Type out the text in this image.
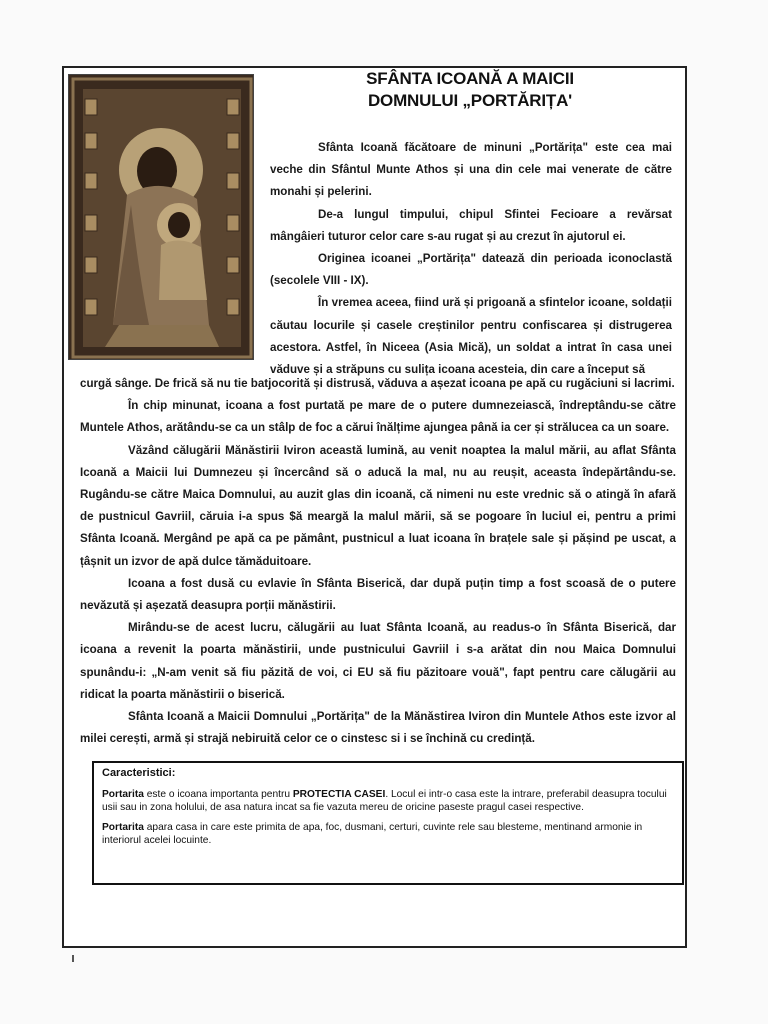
SFÂNTA ICOANĂ A MAICII
DOMNULUI „PORTĂRIȚA'

Sfânta Icoană făcătoare de minuni „Portărița" este cea mai veche din Sfântul Munte Athos și una din cele mai venerate de către monahi și pelerini.

De-a lungul timpului, chipul Sfintei Fecioare a revărsat mângâieri tuturor celor care s-au rugat și au crezut în ajutorul ei.

Originea icoanei „Portărița" datează din perioada iconoclastă (secolele VIII - IX).

În vremea aceea, fiind ură și prigoană a sfintelor icoane, soldații căutau locurile și casele creștinilor pentru confiscarea și distrugerea acestora. Astfel, în Niceea (Asia Mică), un soldat a intrat în casa unei văduve și a străpuns cu sulița icoana acesteia, din care a început să

curgă sânge. De frică să nu tie batjocorită și distrusă, văduva a așezat icoana pe apă cu rugăciuni si lacrimi.

În chip minunat, icoana a fost purtată pe mare de o putere dumnezeiască, îndreptându-se către Muntele Athos, arătându-se ca un stâlp de foc a cărui înălțime ajungea până ia cer și strălucea ca un soare.

Văzând călugării Mănăstirii Iviron această lumină, au venit noaptea la malul mării, au aflat Sfânta Icoană a Maicii lui Dumnezeu și încercând să o aducă la mal, nu au reușit, aceasta îndepărtându-se. Rugându-se către Maica Domnului, au auzit glas din icoană, că nimeni nu este vrednic să o atingă în afară de pustnicul Gavriil, căruia i-a spus $ă meargă la malul mării, să se pogoare în luciul ei, pentru a primi Sfânta Icoană. Mergând pe apă ca pe pământ, pustnicul a luat icoana în brațele sale și pășind pe uscat, a țâșnit un izvor de apă dulce tămăduitoare.

Icoana a fost dusă cu evlavie în Sfânta Biserică, dar după puțin timp a fost scoasă de o putere nevăzută și așezată deasupra porții mănăstirii.

Mirându-se de acest lucru, călugării au luat Sfânta Icoană, au readus-o în Sfânta Biserică, dar icoana a revenit la poarta mănăstirii, unde pustnicului Gavriil i s-a arătat din nou Maica Domnului spunându-i: „N-am venit să fiu păzită de voi, ci EU să fiu păzitoare vouă", fapt pentru care călugării au ridicat la poarta mănăstirii o biserică.

Sfânta Icoană a Maicii Domnului „Portărița" de la Mănăstirea Iviron din Muntele Athos este izvor al milei cerești, armă și strajă nebiruită celor ce o cinstesc si i se închină cu credință.

Caracteristici:

Portarita este o icoana importanta pentru PROTECTIA CASEI. Locul ei intr-o casa este la intrare, preferabil deasupra tocului usii sau in zona holului, de asa natura incat sa fie vazuta mereu de oricine paseste pragul casei respective.

Portarita apara casa in care este primita de apa, foc, dusmani, certuri, cuvinte rele sau blesteme, mentinand armonie in interiorul acelei locuinte.
